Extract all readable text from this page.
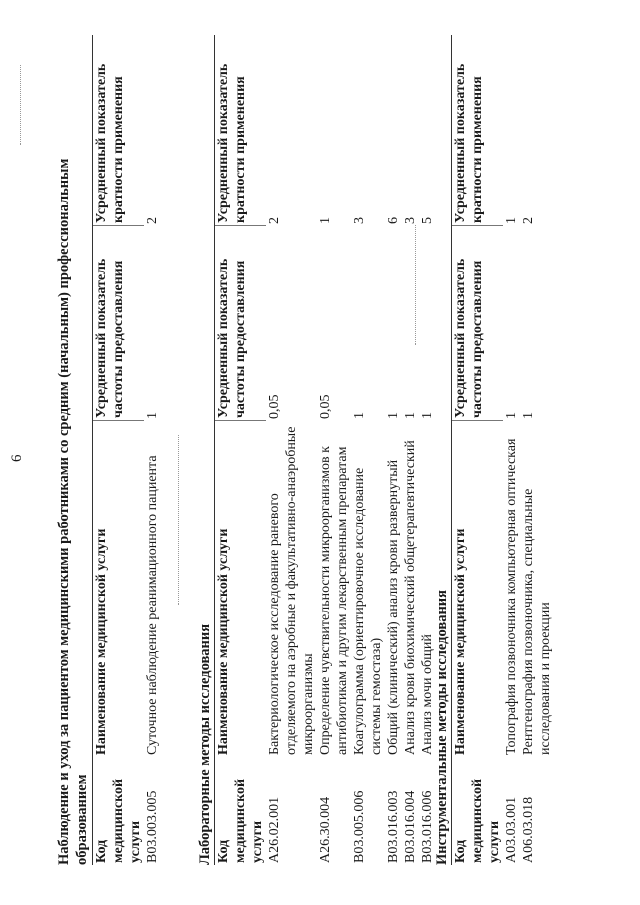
6 Наблюдение и уход за пациентом медицинскими работниками со средним (начальным) профессиональным образованием Код медицинской услуги
Наименование медицинской услуги
Усредненный показатель частоты предоставления
Усредненный показатель кратности применения
B03.003.005
Суточное наблюдение реанимационного пациента
1
2
Лабораторные методы исследования Код медицинской услуги
Наименование медицинской услуги
Усредненный показатель частоты предоставления
Усредненный показатель кратности применения
A26.02.001
Бактериологическое исследование раневого отделяемого на аэробные и факультативно-анаэробные микроорганизмы
0,05
2
A26.30.004
Определение чувствительности микроорганизмов к антибиотикам и другим лекарственным препаратам
0,05
1
B03.005.006
Коагулограмма (ориентировочное исследование системы гемостаза)
1
3
B03.016.003
Общий (клинический) анализ крови развернутый
1
6
B03.016.004
Анализ крови биохимический общетерапевтический
1
3
B03.016.006
Анализ мочи общий
1
5
Инструментальные методы исследования Код медицинской услуги
Наименование медицинской услуги
Усредненный показатель частоты предоставления
Усредненный показатель кратности применения
A03.03.001
Топография позвоночника компьютерная оптическая
1
1
A06.03.018
Рентгенография позвоночника, специальные исследования и проекции
1
2
